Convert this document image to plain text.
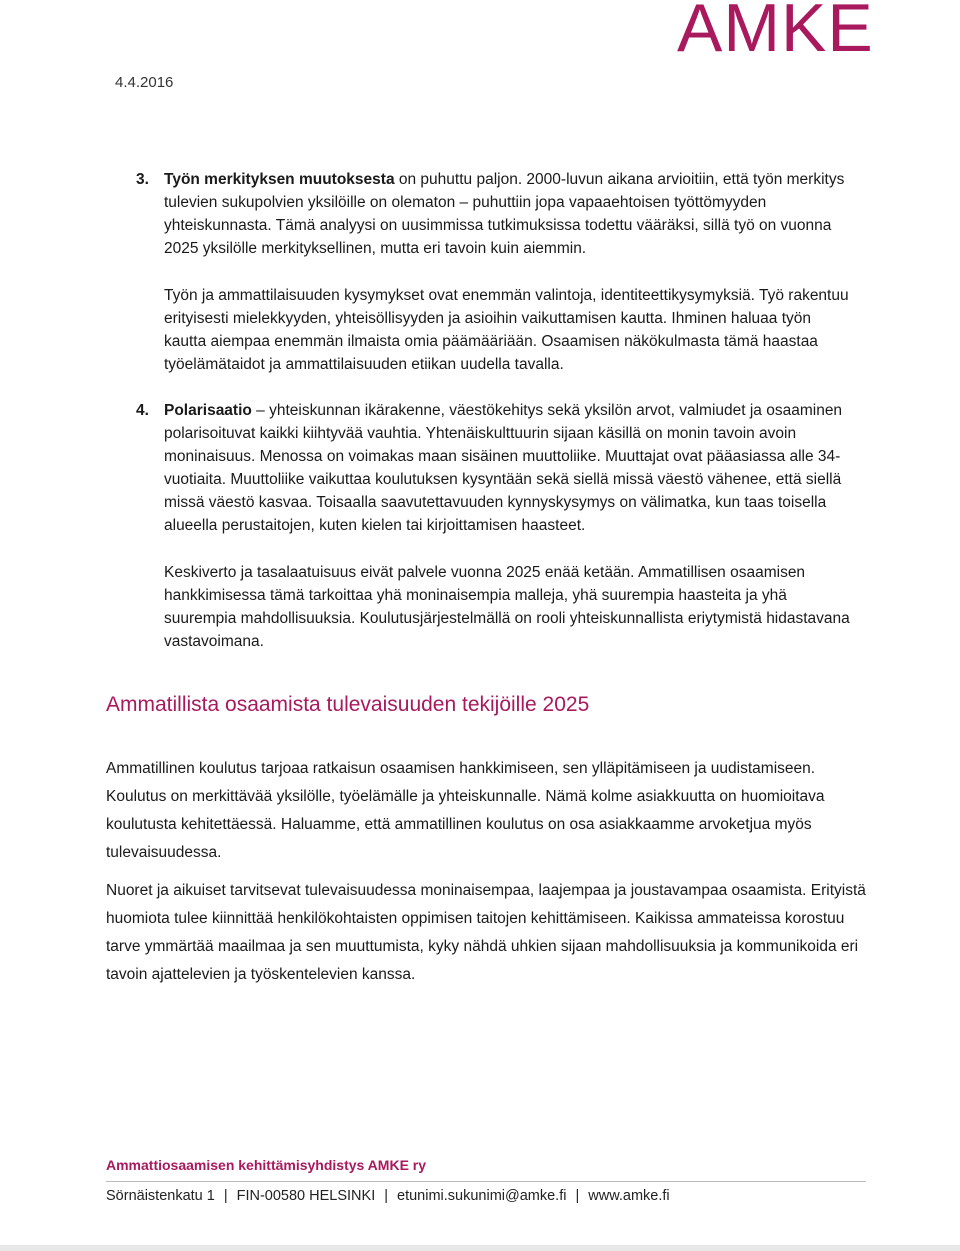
AMKE
4.4.2016
3. Työn merkityksen muutoksesta on puhuttu paljon. 2000-luvun aikana arvioitiin, että työn merkitys tulevien sukupolvien yksilöille on olematon – puhuttiin jopa vapaaehtoisen työttömyyden yhteiskunnasta. Tämä analyysi on uusimmissa tutkimuksissa todettu vääräksi, sillä työ on vuonna 2025 yksilölle merkityksellinen, mutta eri tavoin kuin aiemmin.
Työn ja ammattilaisuuden kysymykset ovat enemmän valintoja, identiteettikysymyksiä. Työ rakentuu erityisesti mielekkyyden, yhteisöllisyyden ja asioihin vaikuttamisen kautta. Ihminen haluaa työn kautta aiempaa enemmän ilmaista omia päämääriään. Osaamisen näkökulmasta tämä haastaa työelämätaidot ja ammattilaisuuden etiikan uudella tavalla.
4. Polarisaatio – yhteiskunnan ikärakenne, väestökehitys sekä yksilön arvot, valmiudet ja osaaminen polarisoituvat kaikki kiihtyvää vauhtia. Yhtenäiskulttuurin sijaan käsillä on monin tavoin avoin moninaisuus. Menossa on voimakas maan sisäinen muuttoliike. Muuttajat ovat pääasiassa alle 34-vuotiaita. Muuttoliike vaikuttaa koulutuksen kysyntään sekä siellä missä väestö vähenee, että siellä missä väestö kasvaa. Toisaalla saavutettavuuden kynnyskysymys on välimatka, kun taas toisella alueella perustaitojen, kuten kielen tai kirjoittamisen haasteet.
Keskiverto ja tasalaatuisuus eivät palvele vuonna 2025 enää ketään. Ammatillisen osaamisen hankkimisessa tämä tarkoittaa yhä moninaisempia malleja, yhä suurempia haasteita ja yhä suurempia mahdollisuuksia. Koulutusjärjestelmällä on rooli yhteiskunnallista eriytymistä hidastavana vastavoimana.
Ammatillista osaamista tulevaisuuden tekijöille 2025
Ammatillinen koulutus tarjoaa ratkaisun osaamisen hankkimiseen, sen ylläpitämiseen ja uudistamiseen. Koulutus on merkittävää yksilölle, työelämälle ja yhteiskunnalle. Nämä kolme asiakkuutta on huomioitava koulutusta kehitettäessä. Haluamme, että ammatillinen koulutus on osa asiakkaamme arvoketjua myös tulevaisuudessa.
Nuoret ja aikuiset tarvitsevat tulevaisuudessa moninaisempaa, laajempaa ja joustavampaa osaamista. Erityistä huomiota tulee kiinnittää henkilökohtaisten oppimisen taitojen kehittämiseen. Kaikissa ammateissa korostuu tarve ymmärtää maailmaa ja sen muuttumista, kyky nähdä uhkien sijaan mahdollisuuksia ja kommunikoida eri tavoin ajattelevien ja työskentelevien kanssa.
Ammattiosaamisen kehittämisyhdistys AMKE ry
Sörnäistenkatu 1 | FIN-00580 HELSINKI | etunimi.sukunimi@amke.fi | www.amke.fi
